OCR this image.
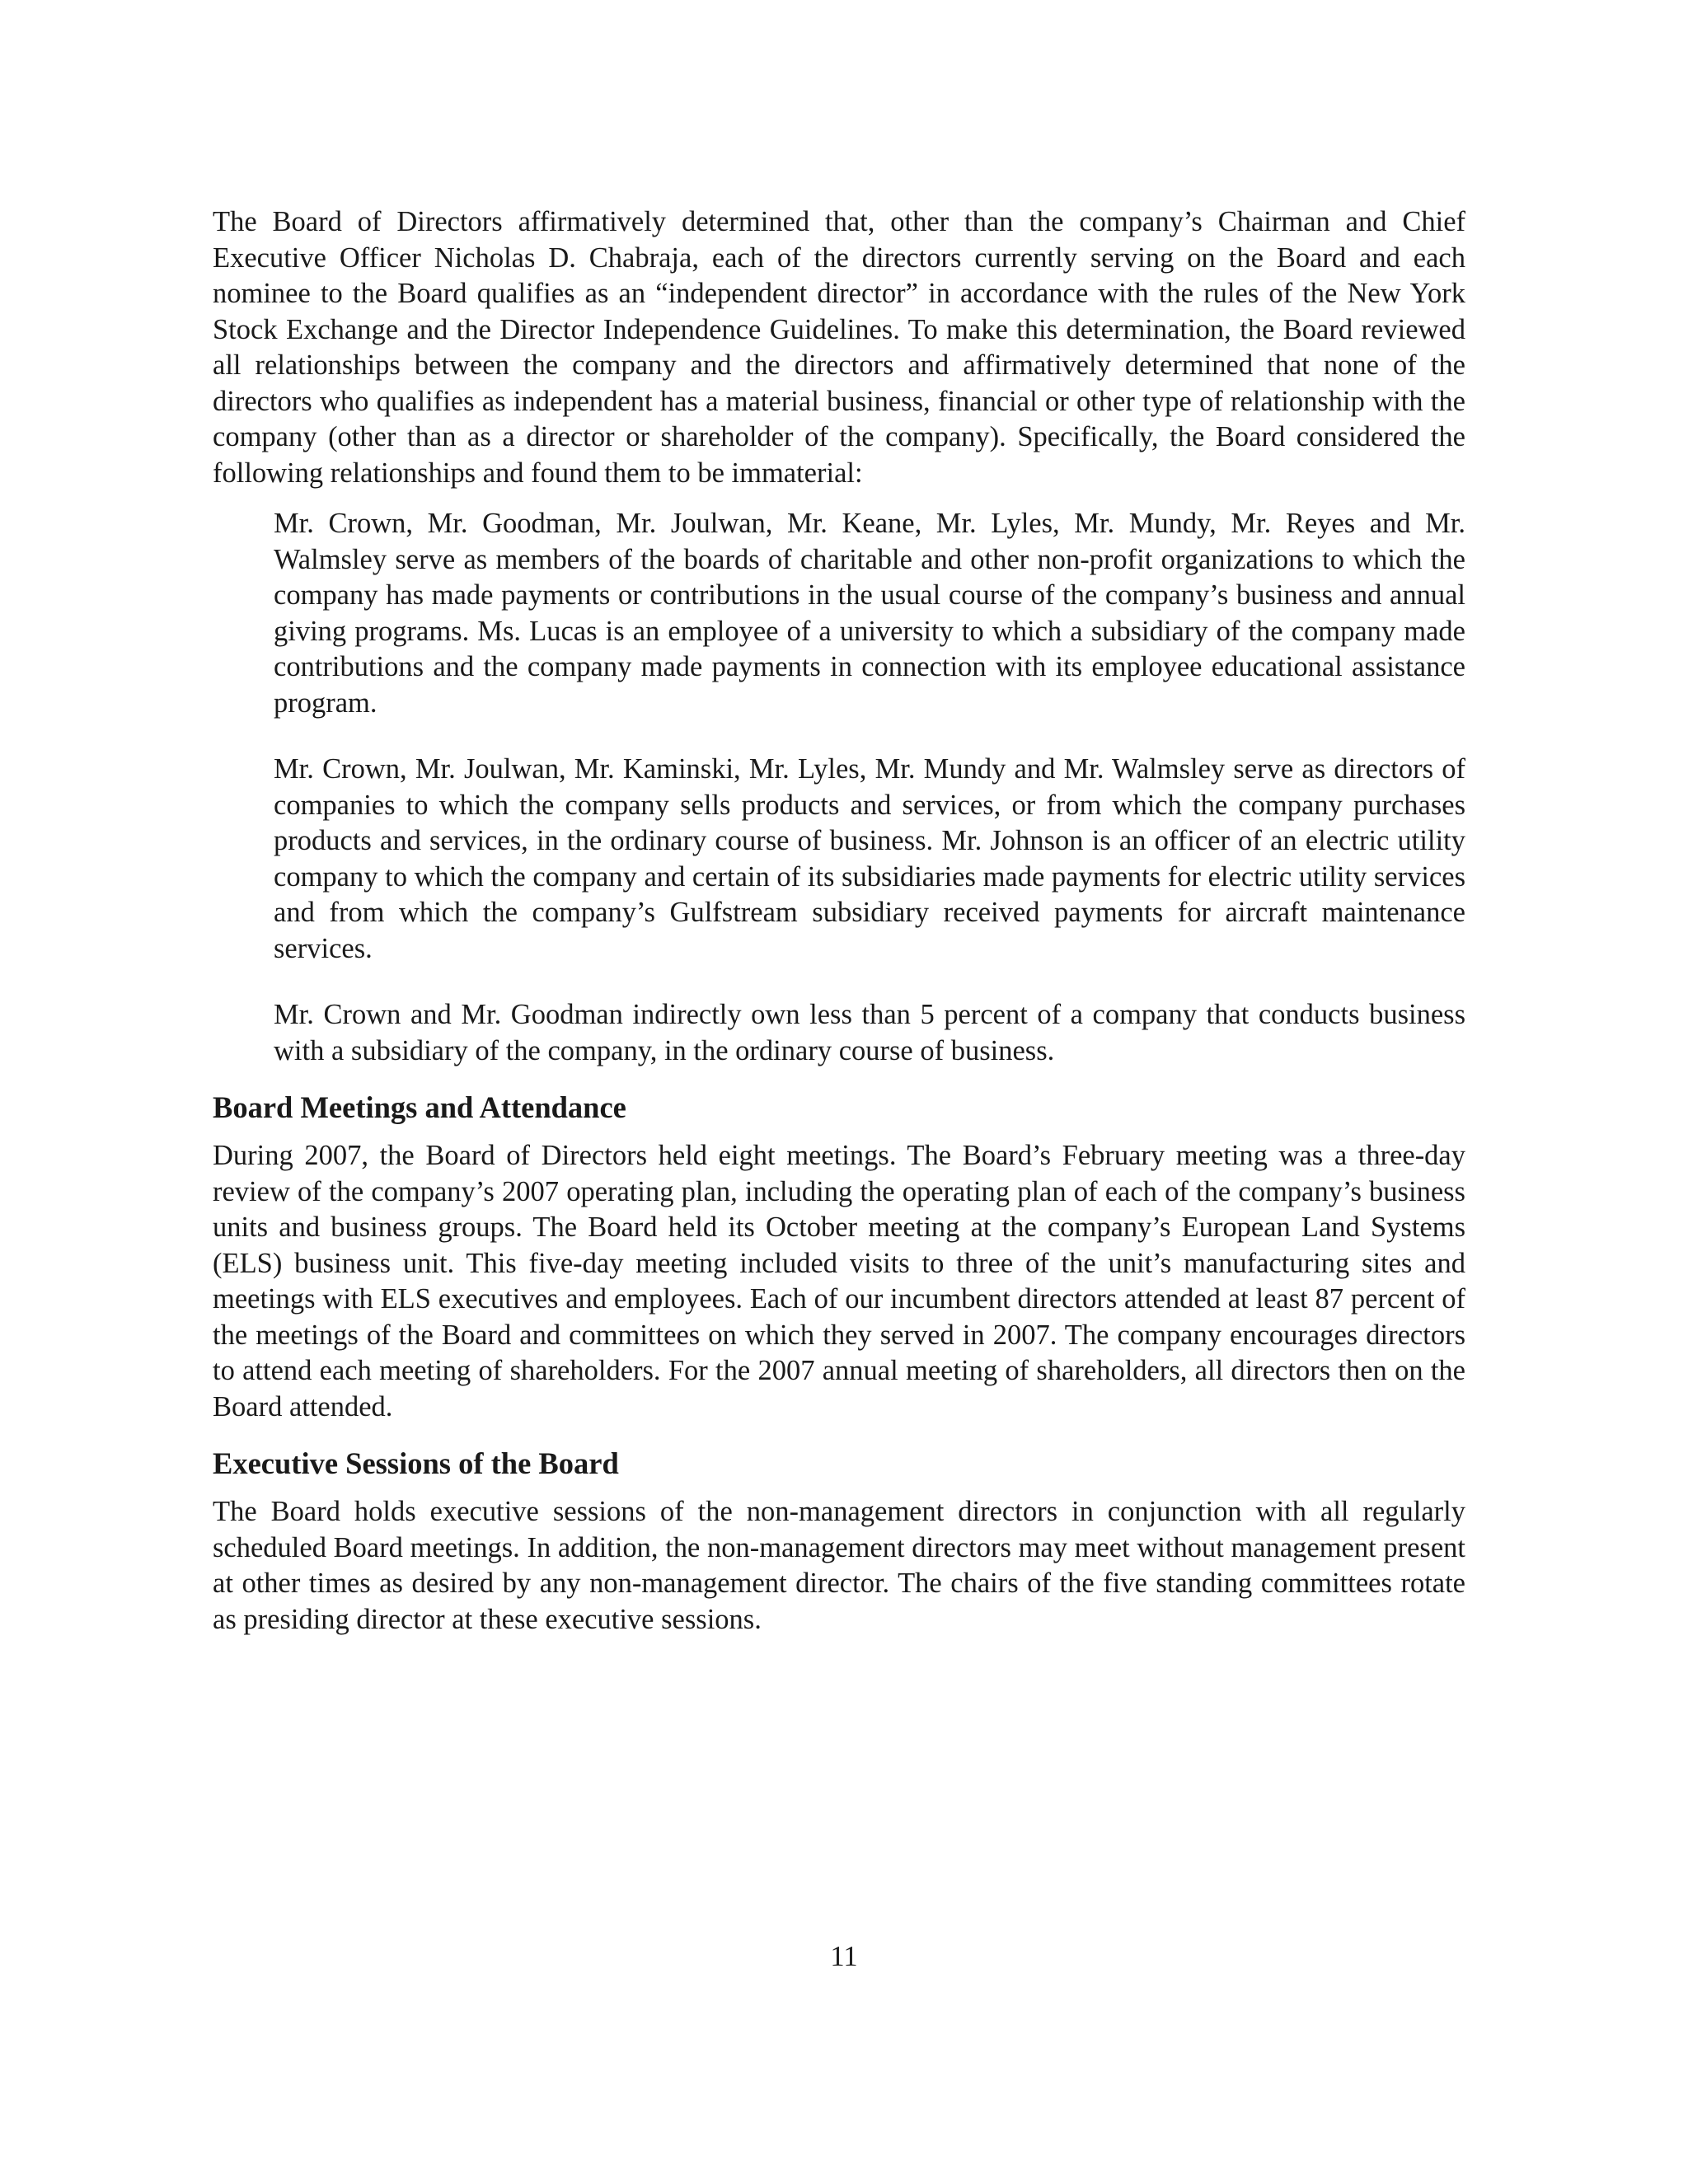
The Board of Directors affirmatively determined that, other than the company’s Chairman and Chief Executive Officer Nicholas D. Chabraja, each of the directors currently serving on the Board and each nominee to the Board qualifies as an “independent director” in accordance with the rules of the New York Stock Exchange and the Director Independence Guidelines. To make this determination, the Board reviewed all relationships between the company and the directors and affirmatively determined that none of the directors who qualifies as independent has a material business, financial or other type of relationship with the company (other than as a director or shareholder of the company). Specifically, the Board considered the following relationships and found them to be immaterial:

Mr. Crown, Mr. Goodman, Mr. Joulwan, Mr. Keane, Mr. Lyles, Mr. Mundy, Mr. Reyes and Mr. Walmsley serve as members of the boards of charitable and other non-profit organizations to which the company has made payments or contributions in the usual course of the company’s business and annual giving programs. Ms. Lucas is an employee of a university to which a subsidiary of the company made contributions and the company made payments in connection with its employee educational assistance program.

Mr. Crown, Mr. Joulwan, Mr. Kaminski, Mr. Lyles, Mr. Mundy and Mr. Walmsley serve as directors of companies to which the company sells products and services, or from which the company purchases products and services, in the ordinary course of business. Mr. Johnson is an officer of an electric utility company to which the company and certain of its subsidiaries made payments for electric utility services and from which the company’s Gulfstream subsidiary received payments for aircraft maintenance services.

Mr. Crown and Mr. Goodman indirectly own less than 5 percent of a company that conducts business with a subsidiary of the company, in the ordinary course of business.

Board Meetings and Attendance

During 2007, the Board of Directors held eight meetings. The Board’s February meeting was a three-day review of the company’s 2007 operating plan, including the operating plan of each of the company’s business units and business groups. The Board held its October meeting at the company’s European Land Systems (ELS) business unit. This five-day meeting included visits to three of the unit’s manufacturing sites and meetings with ELS executives and employees. Each of our incumbent directors attended at least 87 percent of the meetings of the Board and committees on which they served in 2007. The company encourages directors to attend each meeting of shareholders. For the 2007 annual meeting of shareholders, all directors then on the Board attended.

Executive Sessions of the Board

The Board holds executive sessions of the non-management directors in conjunction with all regularly scheduled Board meetings. In addition, the non-management directors may meet without management present at other times as desired by any non-management director. The chairs of the five standing committees rotate as presiding director at these executive sessions.

11
